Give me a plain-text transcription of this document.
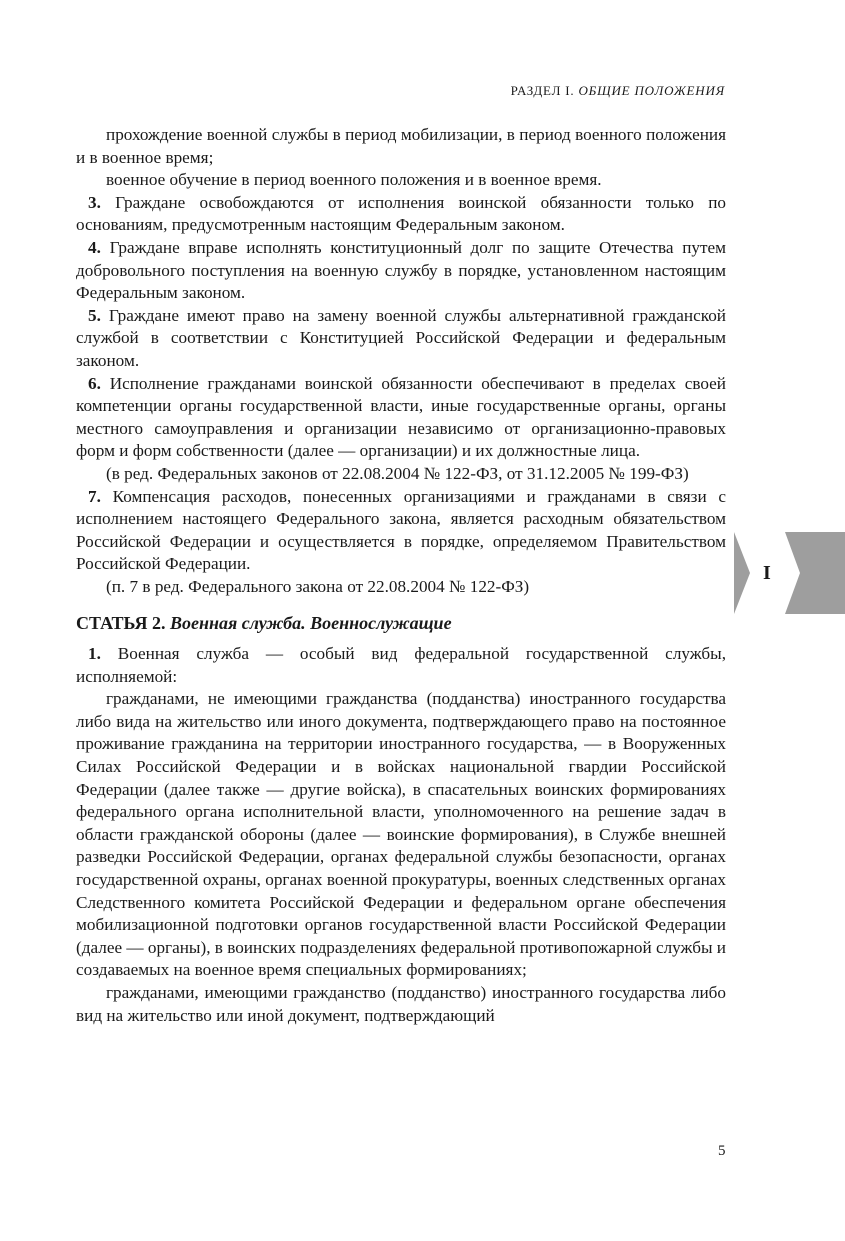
РАЗДЕЛ I. ОБЩИЕ ПОЛОЖЕНИЯ

прохождение военной службы в период мобилизации, в период военного положения и в военное время;

военное обучение в период военного положения и в военное время.

3. Граждане освобождаются от исполнения воинской обязанности только по основаниям, предусмотренным настоящим Федеральным законом.

4. Граждане вправе исполнять конституционный долг по защите Отечества путем добровольного поступления на военную службу в порядке, установленном настоящим Федеральным законом.

5. Граждане имеют право на замену военной службы альтернативной гражданской службой в соответствии с Конституцией Российской Федерации и федеральным законом.

6. Исполнение гражданами воинской обязанности обеспечивают в пределах своей компетенции органы государственной власти, иные государственные органы, органы местного самоуправления и организации независимо от организационно-правовых форм и форм собственности (далее — организации) и их должностные лица.

(в ред. Федеральных законов от 22.08.2004 № 122-ФЗ, от 31.12.2005 № 199-ФЗ)

7. Компенсация расходов, понесенных организациями и гражданами в связи с исполнением настоящего Федерального закона, является расходным обязательством Российской Федерации и осуществляется в порядке, определяемом Правительством Российской Федерации.

(п. 7 в ред. Федерального закона от 22.08.2004 № 122-ФЗ)

СТАТЬЯ 2. Военная служба. Военнослужащие

1. Военная служба — особый вид федеральной государственной службы, исполняемой:

гражданами, не имеющими гражданства (подданства) иностранного государства либо вида на жительство или иного документа, подтверждающего право на постоянное проживание гражданина на территории иностранного государства, — в Вооруженных Силах Российской Федерации и в войсках национальной гвардии Российской Федерации (далее также — другие войска), в спасательных воинских формированиях федерального органа исполнительной власти, уполномоченного на решение задач в области гражданской обороны (далее — воинские формирования), в Службе внешней разведки Российской Федерации, органах федеральной службы безопасности, органах государственной охраны, органах военной прокуратуры, военных следственных органах Следственного комитета Российской Федерации и федеральном органе обеспечения мобилизационной подготовки органов государственной власти Российской Федерации (далее — органы), в воинских подразделениях федеральной противопожарной службы и создаваемых на военное время специальных формированиях;

гражданами, имеющими гражданство (подданство) иностранного государства либо вид на жительство или иной документ, подтверждающий

I
5
